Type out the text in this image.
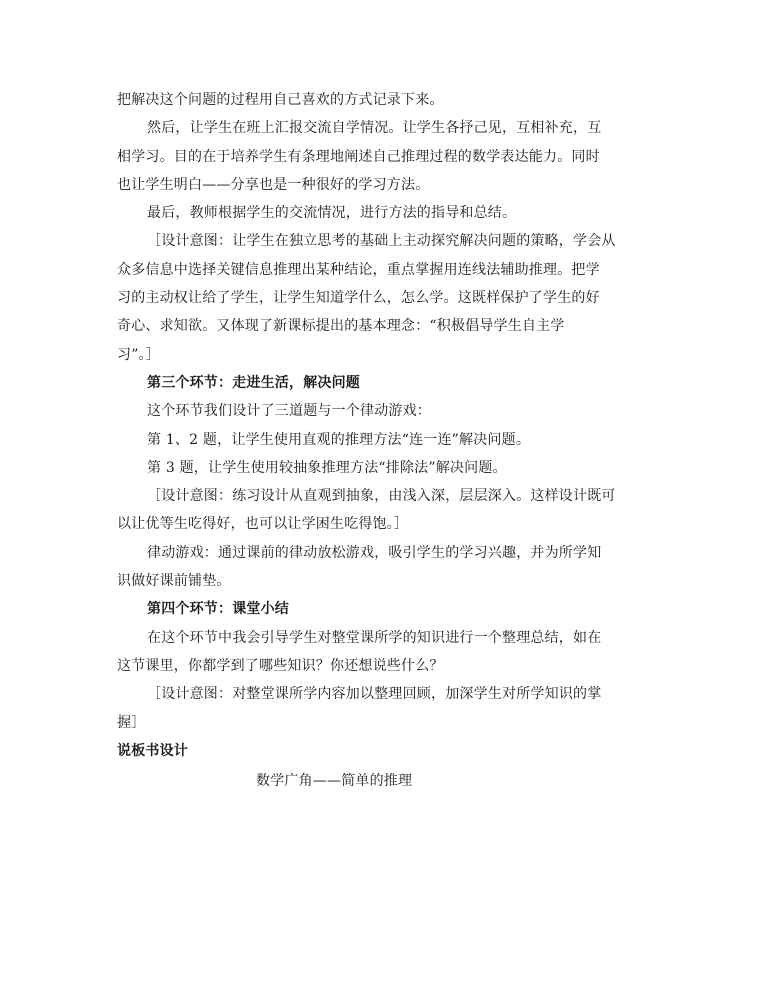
把解决这个问题的过程用自己喜欢的方式记录下来。
然后，让学生在班上汇报交流自学情况。让学生各抒己见，互相补充，互
相学习。目的在于培养学生有条理地阐述自己推理过程的数学表达能力。同时
也让学生明白——分享也是一种很好的学习方法。
最后，教师根据学生的交流情况，进行方法的指导和总结。
［设计意图：让学生在独立思考的基础上主动探究解决问题的策略，学会从
众多信息中选择关键信息推理出某种结论，重点掌握用连线法辅助推理。把学
习的主动权让给了学生，让学生知道学什么，怎么学。这既样保护了学生的好
奇心、求知欲。又体现了新课标提出的基本理念：“积极倡导学生自主学
习”。］
第三个环节：走进生活，解决问题
这个环节我们设计了三道题与一个律动游戏：
第 1、2 题，让学生使用直观的推理方法“连一连”解决问题。
第 3 题，让学生使用较抽象推理方法“排除法”解决问题。
［设计意图：练习设计从直观到抽象，由浅入深，层层深入。这样设计既可
以让优等生吃得好，也可以让学困生吃得饱。］
律动游戏：通过课前的律动放松游戏，吸引学生的学习兴趣，并为所学知
识做好课前铺垫。
第四个环节：课堂小结
在这个环节中我会引导学生对整堂课所学的知识进行一个整理总结，如在
这节课里，你都学到了哪些知识？你还想说些什么？
［设计意图：对整堂课所学内容加以整理回顾，加深学生对所学知识的掌
握］
说板书设计
数学广角——简单的推理
